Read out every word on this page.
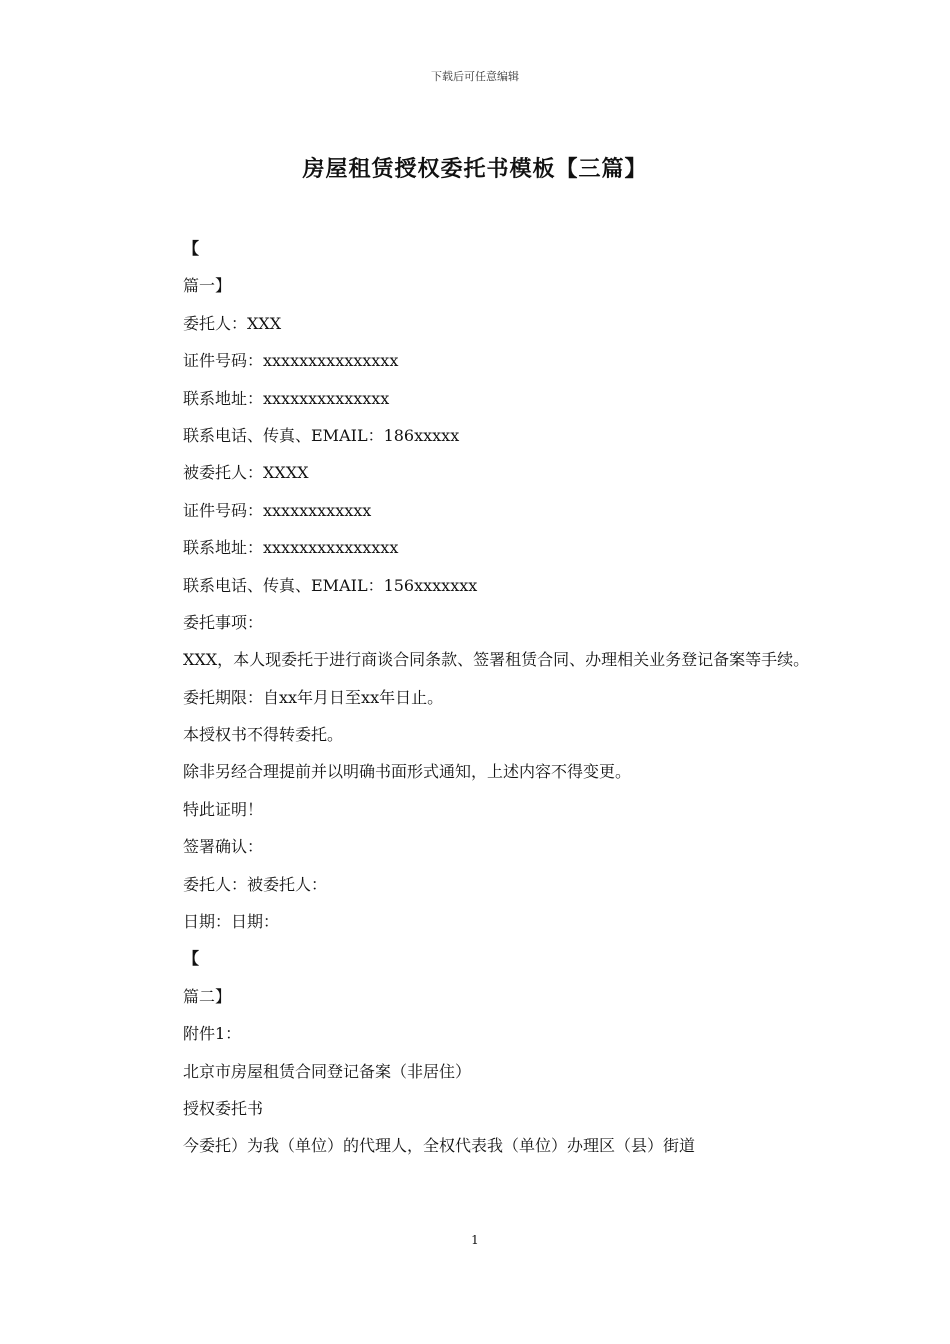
下载后可任意编辑
房屋租赁授权委托书模板【三篇】
【
篇一】
委托人：XXX
证件号码：xxxxxxxxxxxxxxx
联系地址：xxxxxxxxxxxxxx
联系电话、传真、EMAIL：186xxxxx
被委托人：XXXX
证件号码：xxxxxxxxxxxx
联系地址：xxxxxxxxxxxxxxx
联系电话、传真、EMAIL：156xxxxxxx
委托事项：
XXX，本人现委托于进行商谈合同条款、签署租赁合同、办理相关业务登记备案等手续。
委托期限：自xx年月日至xx年日止。
本授权书不得转委托。
除非另经合理提前并以明确书面形式通知，上述内容不得变更。
特此证明！
签署确认：
委托人：被委托人：
日期：日期：
【
篇二】
附件1：
北京市房屋租赁合同登记备案（非居住）
授权委托书
今委托）为我（单位）的代理人，全权代表我（单位）办理区（县）街道
1
